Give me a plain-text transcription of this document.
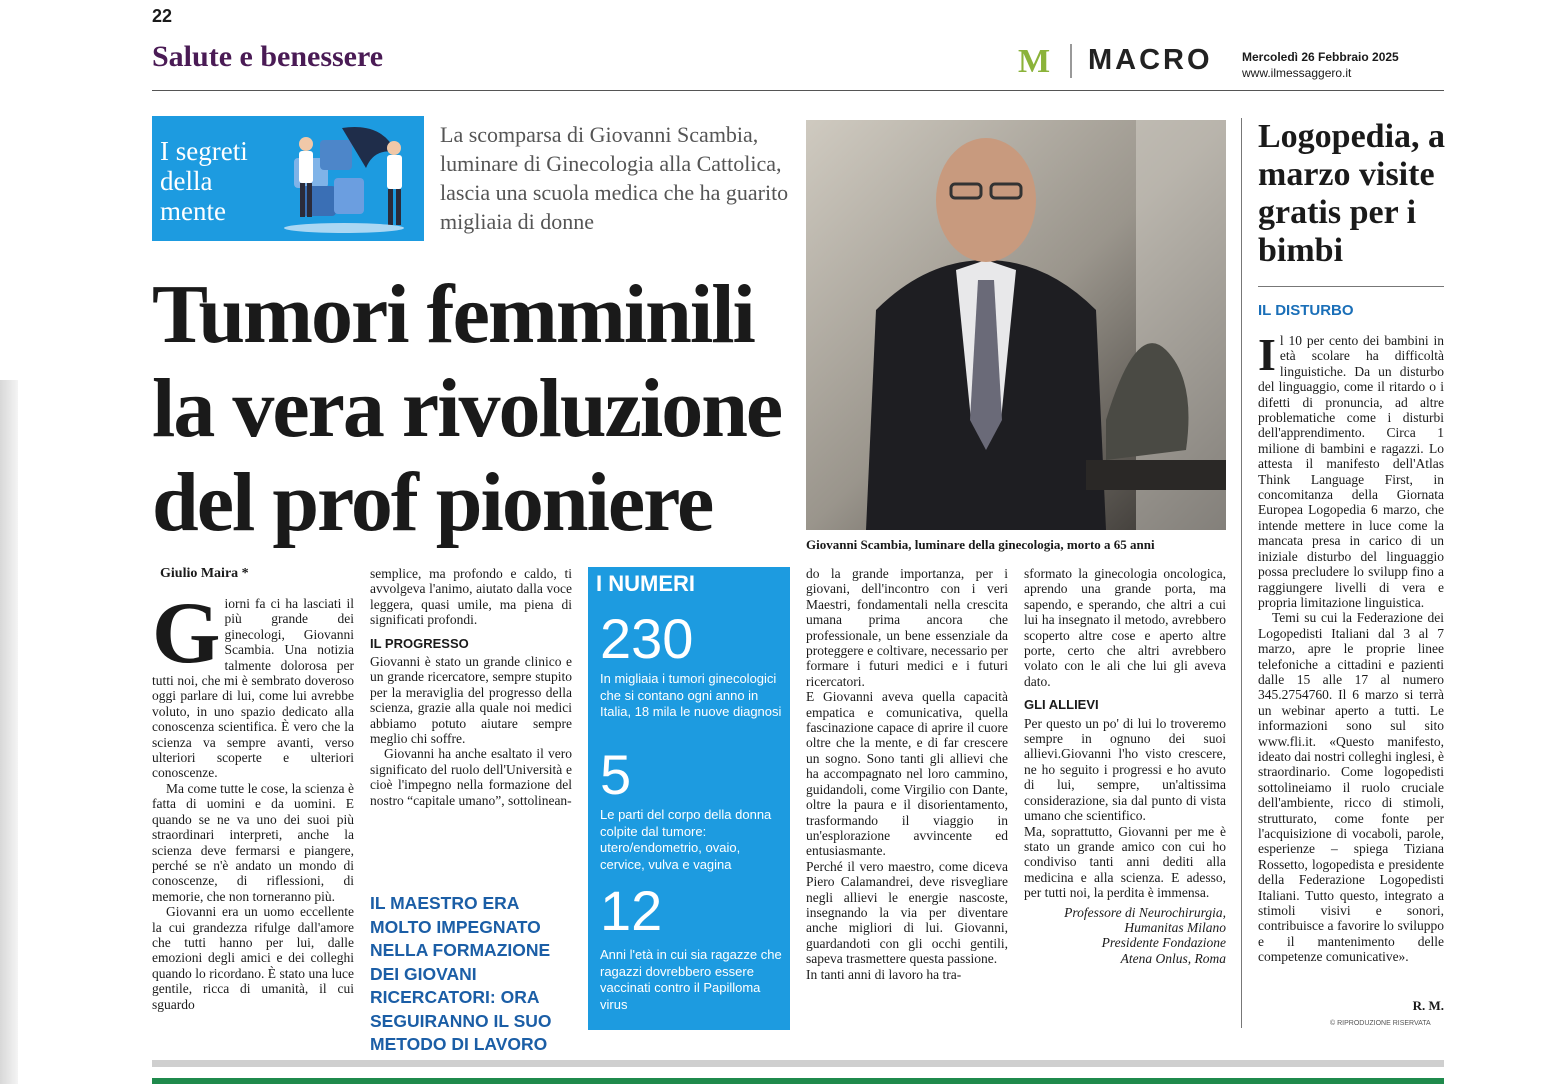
22
Salute e benessere	M MACRO Mercoledì 26 Febbraio 2025
www.ilmessaggero.it
I segreti
della
mente
La scomparsa di Giovanni Scambia, luminare di Ginecologia alla Cattolica, lascia una scuola medica che ha guarito migliaia di donne
Tumori femminili
la vera rivoluzione
del prof pioniere	Giovanni Scambia, luminare della ginecologia, morto a 65 anni
Giulio Maira *
G iorni fa ci ha lasciati il più grande dei ginecologi, Giovanni Scambia. Una notizia talmente dolorosa per tutti noi, che mi è sembrato doveroso oggi parlare di lui, come lui avrebbe voluto, in uno spazio dedicato alla conoscenza scientifica. È vero che la scienza va sempre avanti, verso ulteriori scoperte e ulteriori conoscenze.

Ma come tutte le cose, la scienza è fatta di uomini e da uomini. E quando se ne va uno dei suoi più straordinari interpreti, anche la scienza deve fermarsi e piangere, perché se n'è andato un mondo di conoscenze, di riflessioni, di memorie, che non torneranno più.

Giovanni era un uomo eccellente la cui grandezza rifulge dall'amore che tutti hanno per lui, dalle emozioni degli amici e dei colleghi quando lo ricordano. È stato una luce gentile, ricca di umanità, il cui sguardo

semplice, ma profondo e caldo, ti avvolgeva l'animo, aiutato dalla voce leggera, quasi umile, ma piena di significati profondi.

IL PROGRESSO

Giovanni è stato un grande clinico e un grande ricercatore, sempre stupito per la meraviglia del progresso della scienza, grazie alla quale noi medici abbiamo potuto aiutare sempre meglio chi soffre.

Giovanni ha anche esaltato il vero significato del ruolo dell'Università e cioè l'impegno nella formazione del nostro “capitale umano”, sottolinean-

IL MAESTRO ERA MOLTO IMPEGNATO NELLA FORMAZIONE DEI GIOVANI RICERCATORI: ORA SEGUIRANNO IL SUO METODO DI LAVORO
I NUMERI
230
In migliaia i tumori ginecologici che si contano ogni anno in Italia, 18 mila le nuove diagnosi
5
Le parti del corpo della donna colpite dal tumore: utero/endometrio, ovaio, cervice, vulva e vagina
12
Anni l'età in cui sia ragazze che ragazzi dovrebbero essere vaccinati contro il Papilloma virus

do la grande importanza, per i giovani, dell'incontro con i veri Maestri, fondamentali nella crescita umana prima ancora che professionale, un bene essenziale da proteggere e coltivare, necessario per formare i futuri medici e i futuri ricercatori.

E Giovanni aveva quella capacità empatica e comunicativa, quella fascinazione capace di aprire il cuore oltre che la mente, e di far crescere un sogno. Sono tanti gli allievi che ha accompagnato nel loro cammino, guidandoli, come Virgilio con Dante, oltre la paura e il disorientamento, trasformando il viaggio in un'esplorazione avvincente ed entusiasmante.

Perché il vero maestro, come diceva Piero Calamandrei, deve risvegliare negli allievi le energie nascoste, insegnando la via per diventare anche migliori di lui. Giovanni, guardandoti con gli occhi gentili, sapeva trasmettere questa passione.

In tanti anni di lavoro ha tra-

sformato la ginecologia oncologica, aprendo una grande porta, ma sapendo, e sperando, che altri a cui lui ha insegnato il metodo, avrebbero scoperto altre cose e aperto altre porte, certo che altri avrebbero volato con le ali che lui gli aveva dato.

GLI ALLIEVI

Per questo un po' di lui lo troveremo sempre in ognuno dei suoi allievi.Giovanni l'ho visto crescere, ne ho seguito i progressi e ho avuto di lui, sempre, un'altissima considerazione, sia dal punto di vista umano che scientifico.

Ma, soprattutto, Giovanni per me è stato un grande amico con cui ho condiviso tanti anni dediti alla medicina e alla scienza. E adesso, per tutti noi, la perdita è immensa.

Professore di Neurochirurgia,
Humanitas Milano
Presidente Fondazione
Atena Onlus, Roma
Logopedia, a marzo visite gratis per i bimbi
IL DISTURBO
I l 10 per cento dei bambini in età scolare ha difficoltà linguistiche. Da un disturbo del linguaggio, come il ritardo o i difetti di pronuncia, ad altre problematiche come i disturbi dell'apprendimento. Circa 1 milione di bambini e ragazzi. Lo attesta il manifesto dell'Atlas Think Language First, in concomitanza della Giornata Europea Logopedia 6 marzo, che intende mettere in luce come la mancata presa in carico di un iniziale disturbo del linguaggio possa precludere lo svilupp fino a raggiungere livelli di vera e propria limitazione linguistica.

Temi su cui la Federazione dei Logopedisti Italiani dal 3 al 7 marzo, apre le proprie linee telefoniche a cittadini e pazienti dalle 15 alle 17 al numero 345.2754760. Il 6 marzo si terrà un webinar aperto a tutti. Le informazioni sono sul sito www.fli.it. «Questo manifesto, ideato dai nostri colleghi inglesi, è straordinario. Come logopedisti sottolineiamo il ruolo cruciale dell'ambiente, ricco di stimoli, strutturato, come fonte per l'acquisizione di vocaboli, parole, esperienze – spiega Tiziana Rossetto, logopedista e presidente della Federazione Logopedisti Italiani. Tutto questo, integrato a stimoli visivi e sonori, contribuisce a favorire lo sviluppo e il mantenimento delle competenze comunicative».

R. M.
© RIPRODUZIONE RISERVATA
